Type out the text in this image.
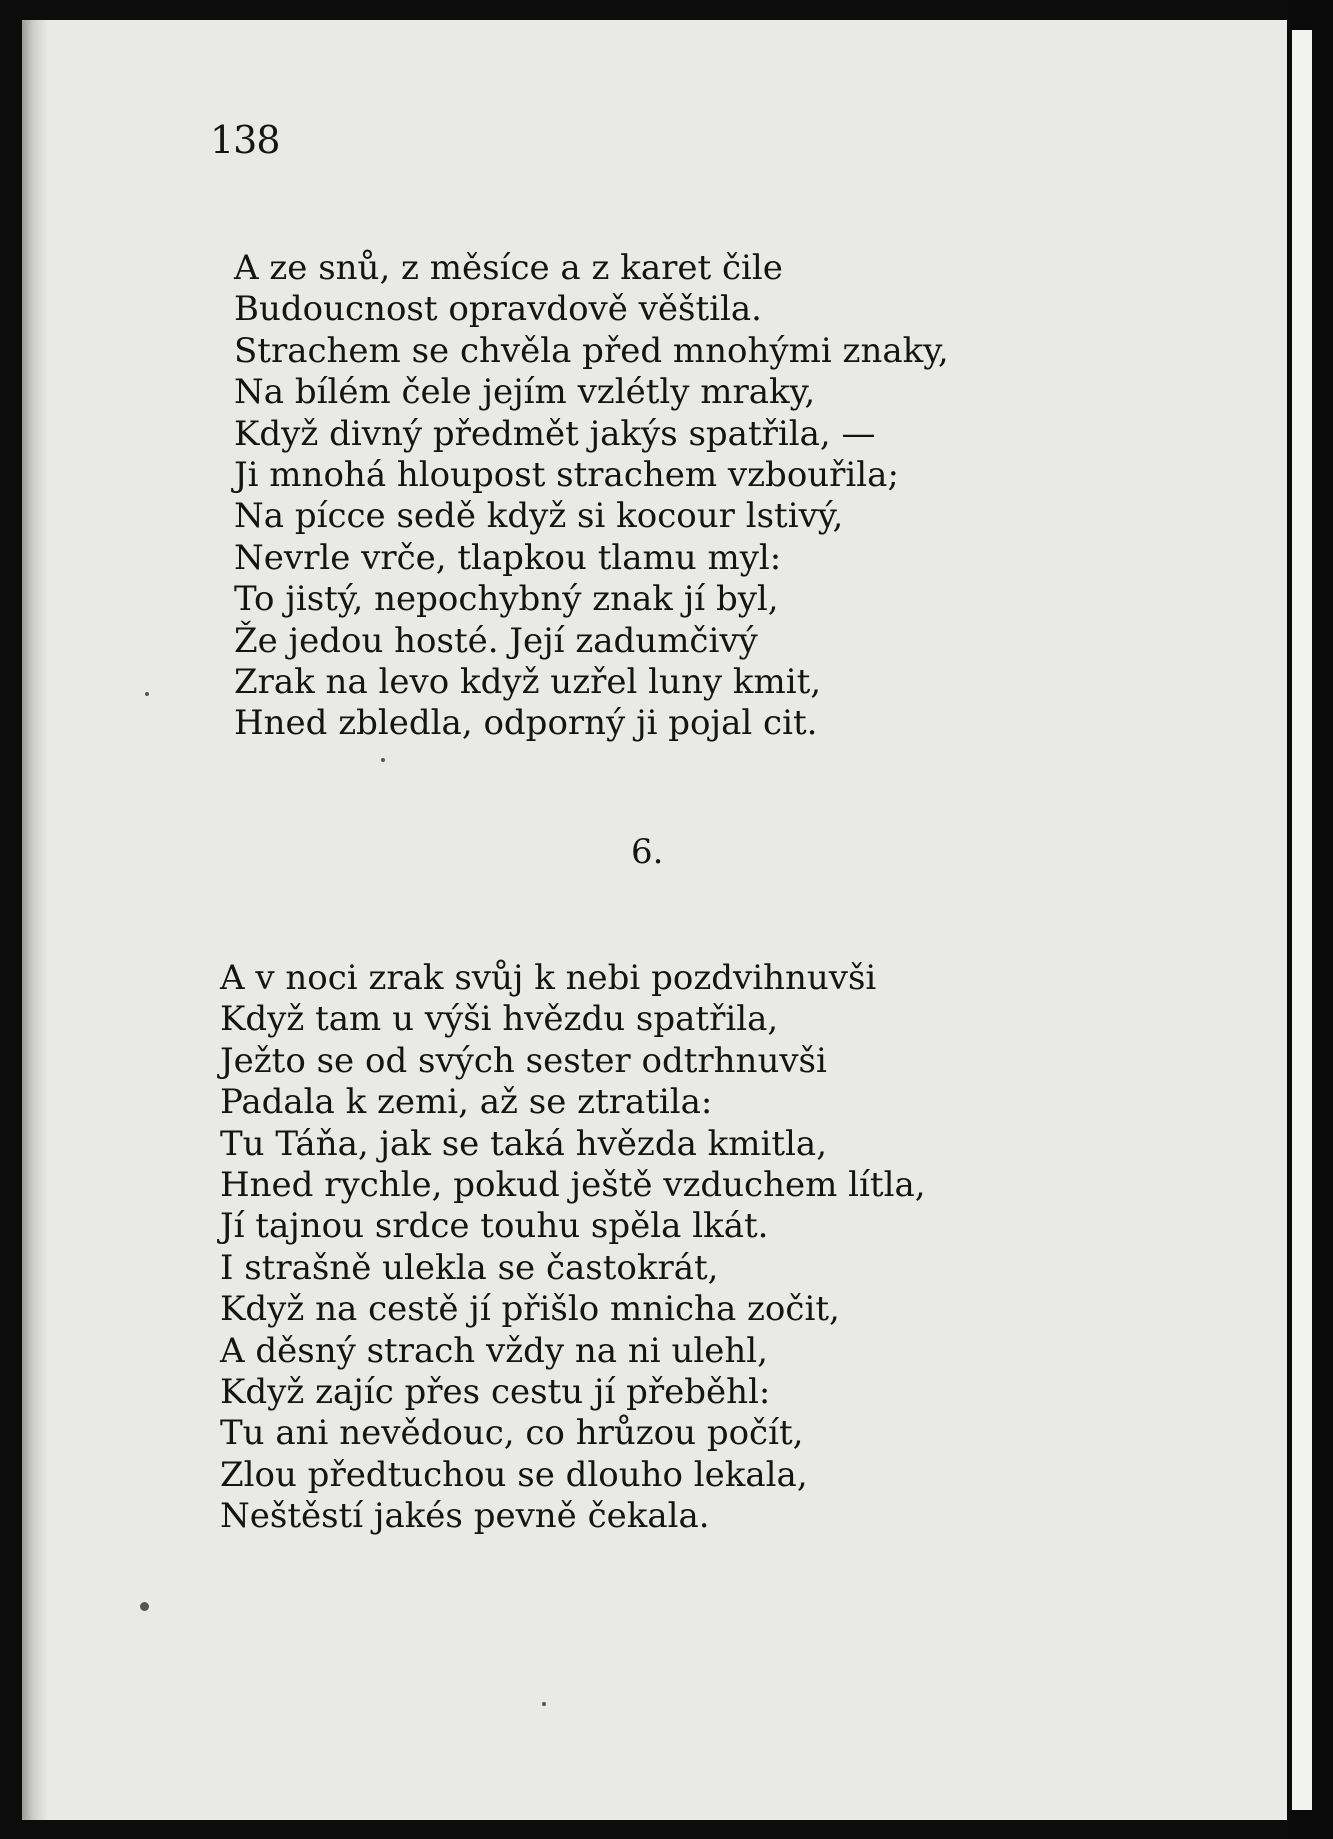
138
A ze snů, z měsíce a z karet čile
Budoucnost opravdově věštila.
Strachem se chvěla před mnohými znaky,
Na bílém čele jejím vzlétly mraky,
Když divný předmět jakýs spatřila, —
Ji mnohá hloupost strachem vzbouřila;
Na pícce sedě když si kocour lstivý,
Nevrle vrče, tlapkou tlamu myl:
To jistý, nepochybný znak jí byl,
Že jedou hosté. Její zadumčivý
Zrak na levo když uzřel luny kmit,
Hned zbledla, odporný ji pojal cit.
6.
A v noci zrak svůj k nebi pozdvihnuvši
Když tam u výši hvězdu spatřila,
Ježto se od svých sester odtrhnuvši
Padala k zemi, až se ztratila:
Tu Táňa, jak se taká hvězda kmitla,
Hned rychle, pokud ještě vzduchem lítla,
Jí tajnou srdce touhu spěla lkát.
I strašně ulekla se častokrát,
Když na cestě jí přišlo mnicha zočit,
A děsný strach vždy na ni ulehl,
Když zajíc přes cestu jí přeběhl:
Tu ani nevědouc, co hrůzou počít,
Zlou předtuchou se dlouho lekala,
Neštěstí jakés pevně čekala.
